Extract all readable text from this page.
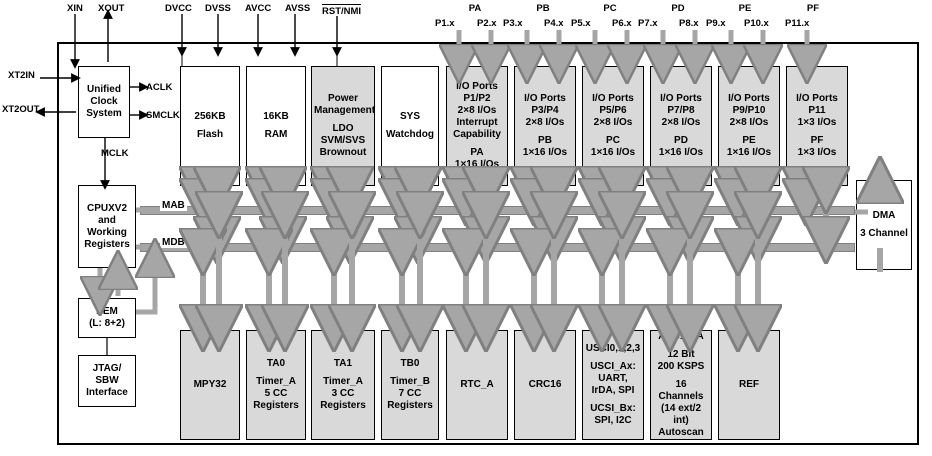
XIN XOUT	DVCC DVSS AVCC AVSS RST/NMI	PA	PB	PC	PD	PE	PF
P1.x P2.x P3.x P4.x P5.x P6.x P7.x P8.x P9.x P10.x P11.x
XT2IN
XT2OUT
Unified
Clock
System
ACLK
SMCLK
MCLK
CPUXV2
and
Working
Registers
EEM
(L: 8+2)
JTAG/
SBW
Interface
256KB
Flash
16KB
RAM
Power
Management
LDO
SVM/SVS
Brownout
SYS
Watchdog
I/O Ports
P1/P2
2×8 I/Os
Interrupt
Capability
PA
1×16 I/Os
I/O Ports
P3/P4
2×8 I/Os
PB
1×16 I/Os
I/O Ports
P5/P6
2×8 I/Os
PC
1×16 I/Os
I/O Ports
P7/P8
2×8 I/Os
PD
1×16 I/Os
I/O Ports
P9/P10
2×8 I/Os
PE
1×16 I/Os
I/O Ports
P11
1×3 I/Os
PF
1×3 I/Os
DMA
3 Channel
MAB
MDB
MPY32
TA0
Timer_A
5 CC
Registers
TA1
Timer_A
3 CC
Registers
TB0
Timer_B
7 CC
Registers
RTC_A	CRC16
USCI0,1,2,3
USCI_Ax:
UART,
IrDA, SPI
UCSI_Bx:
SPI, I2C
ADC12_A
12 Bit
200 KSPS
16 Channels
(14 ext/2 int)
Autoscan
REF
